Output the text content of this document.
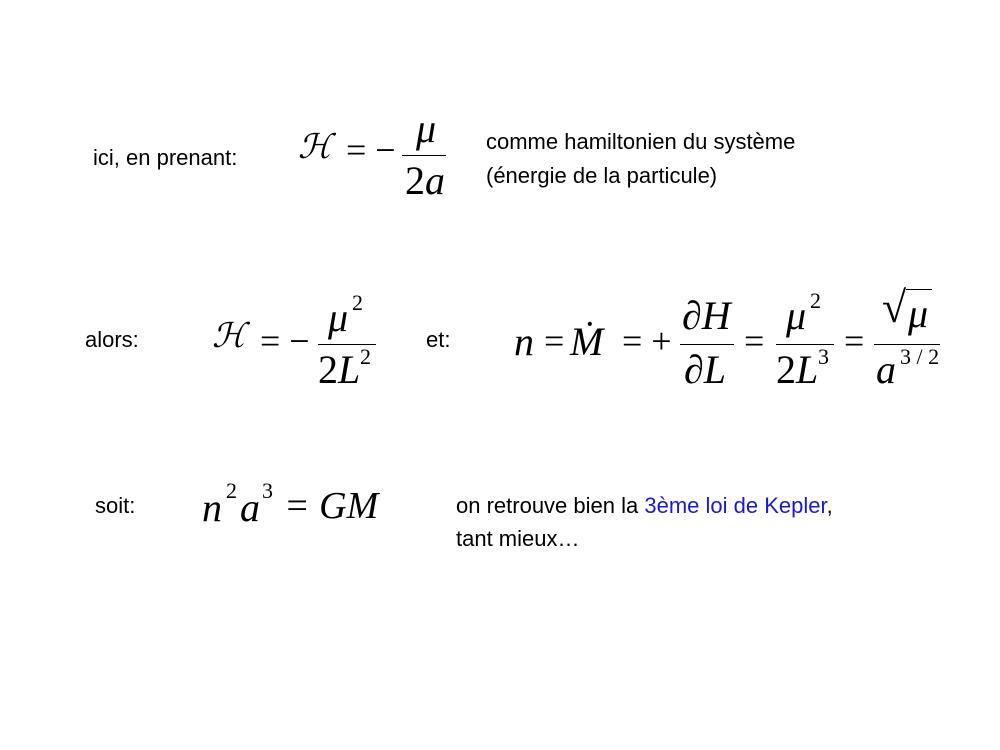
ici, en prenant: ℋ = − μ
2a
comme hamiltonien du système
(énergie de la particule)
alors: ℋ = −
μ 2
2L 2
et: n = Ṁ = +
∂H
∂L
=
μ 2
2L 3 =
√ μ
a 3 / 2
soit: n 2 a 3 = GM	on retrouve bien la 3ème loi de Kepler,
tant mieux…
